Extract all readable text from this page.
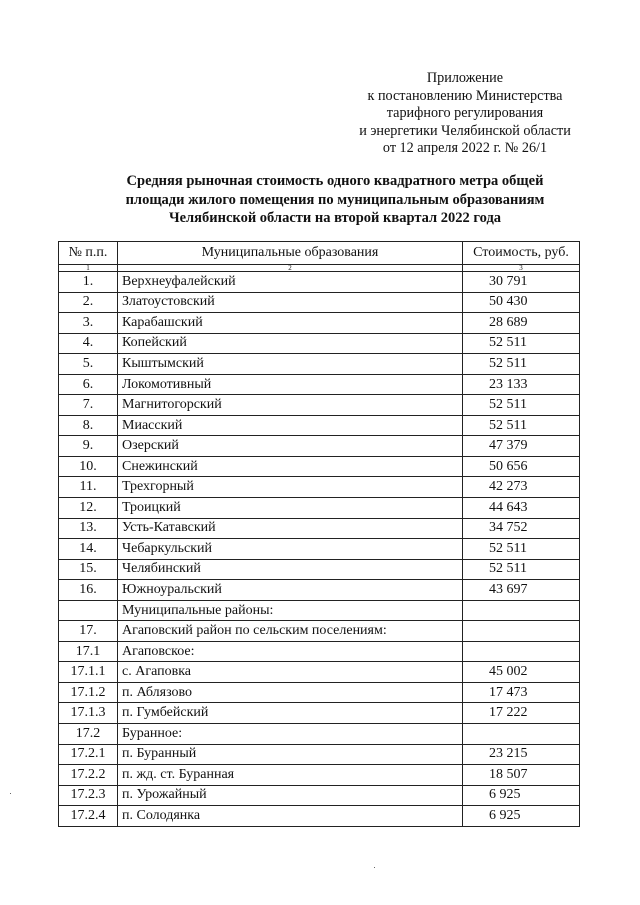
Приложение
к постановлению Министерства
тарифного регулирования
и энергетики Челябинской области
от 12 апреля 2022 г. № 26/1
Средняя рыночная стоимость одного квадратного метра общей
площади жилого помещения по муниципальным образованиям
Челябинской области на второй квартал 2022 года
№ п.п.	Муниципальные образования	Стоимость, руб.
1	2	3
1.	Верхнеуфалейский	30 791
2.	Златоустовский	50 430
3.	Карабашский	28 689
4.	Копейский	52 511
5.	Кыштымский	52 511
6.	Локомотивный	23 133
7.	Магнитогорский	52 511
8.	Миасский	52 511
9.	Озерский	47 379
10.	Снежинский	50 656
11.	Трехгорный	42 273
12.	Троицкий	44 643
13.	Усть-Катавский	34 752
14.	Чебаркульский	52 511
15.	Челябинский	52 511
16.	Южноуральский	43 697
	Муниципальные районы:	
17.	Агаповский район по сельским поселениям:	
17.1	Агаповское:	
17.1.1	с. Агаповка	45 002
17.1.2	п. Аблязово	17 473
17.1.3	п. Гумбейский	17 222
17.2	Буранное:	
17.2.1	п. Буранный	23 215
17.2.2	п. жд. ст. Буранная	18 507
17.2.3	п. Урожайный	6 925
17.2.4	п. Солодянка	6 925
